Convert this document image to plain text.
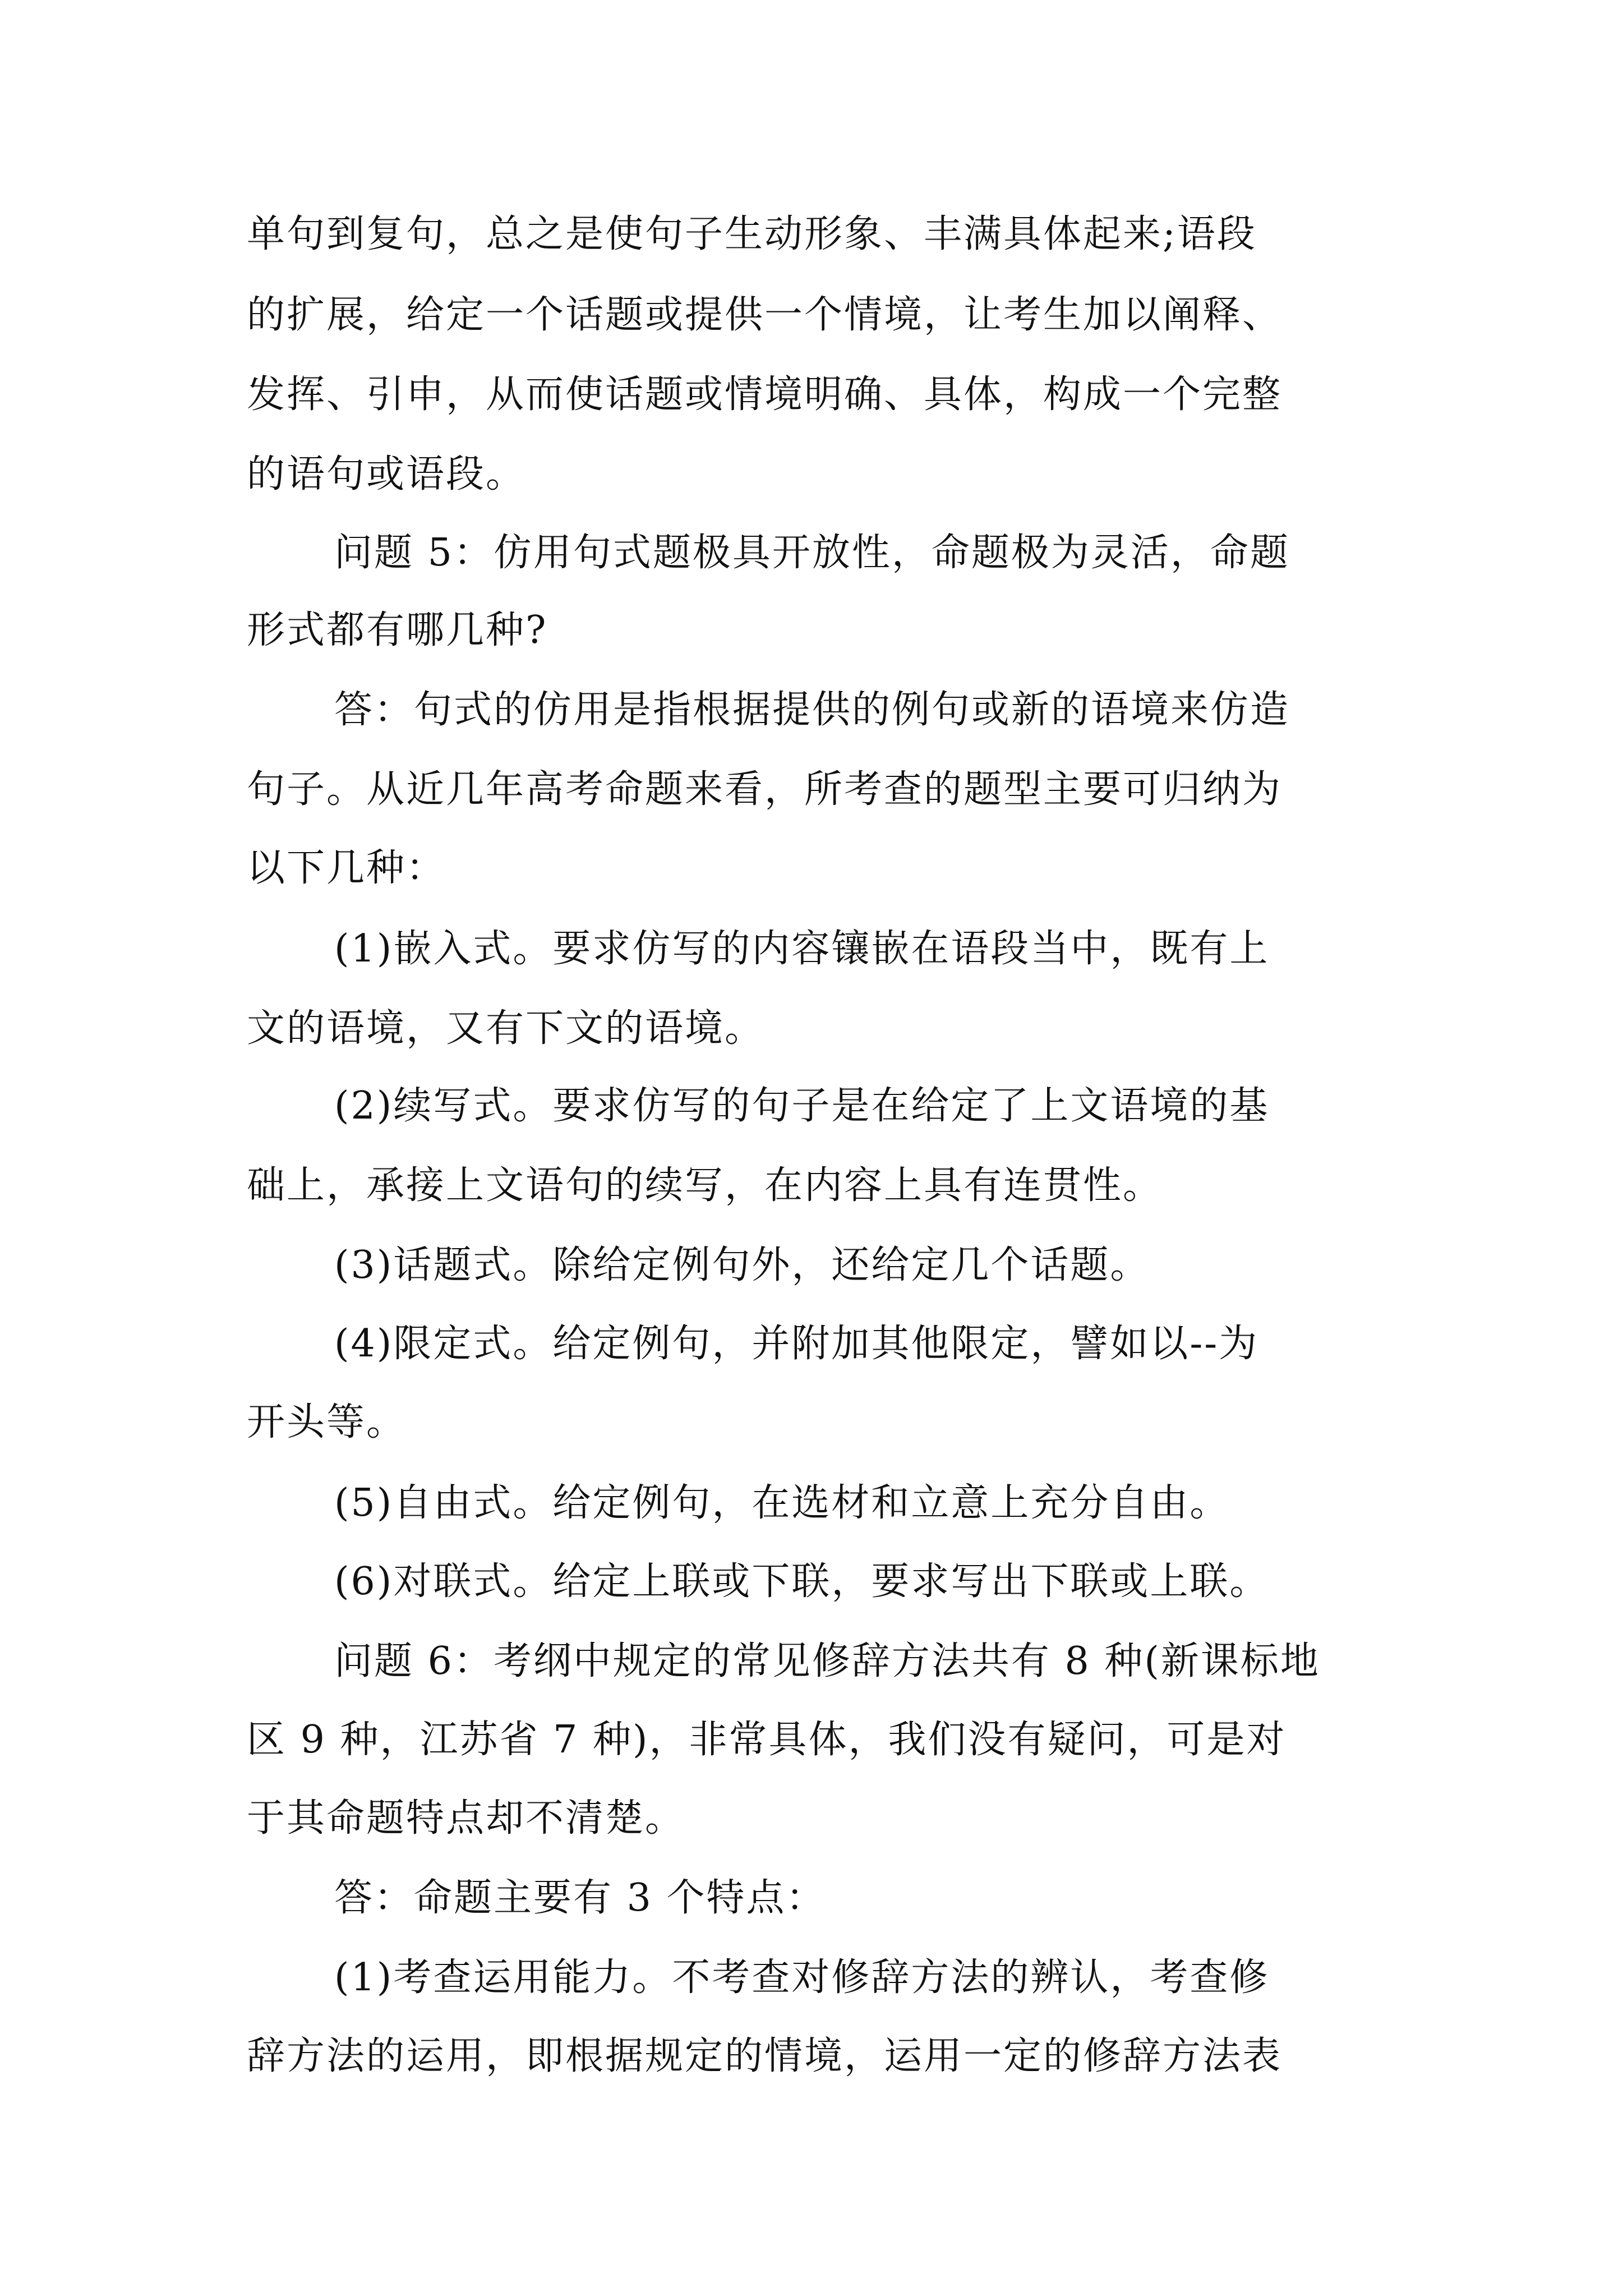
单句到复句，总之是使句子生动形象、丰满具体起来;语段
的扩展，给定一个话题或提供一个情境，让考生加以阐释、
发挥、引申，从而使话题或情境明确、具体，构成一个完整
的语句或语段。
问题 5：仿用句式题极具开放性，命题极为灵活，命题
形式都有哪几种?
答：句式的仿用是指根据提供的例句或新的语境来仿造
句子。从近几年高考命题来看，所考查的题型主要可归纳为
以下几种：
(1)嵌入式。要求仿写的内容镶嵌在语段当中，既有上
文的语境，又有下文的语境。
(2)续写式。要求仿写的句子是在给定了上文语境的基
础上，承接上文语句的续写，在内容上具有连贯性。
(3)话题式。除给定例句外，还给定几个话题。
(4)限定式。给定例句，并附加其他限定，譬如以--为
开头等。
(5)自由式。给定例句，在选材和立意上充分自由。
(6)对联式。给定上联或下联，要求写出下联或上联。
问题 6：考纲中规定的常见修辞方法共有 8 种(新课标地
区 9 种，江苏省 7 种)，非常具体，我们没有疑问，可是对
于其命题特点却不清楚。
答：命题主要有 3 个特点：
(1)考查运用能力。不考查对修辞方法的辨认，考查修
辞方法的运用，即根据规定的情境，运用一定的修辞方法表
